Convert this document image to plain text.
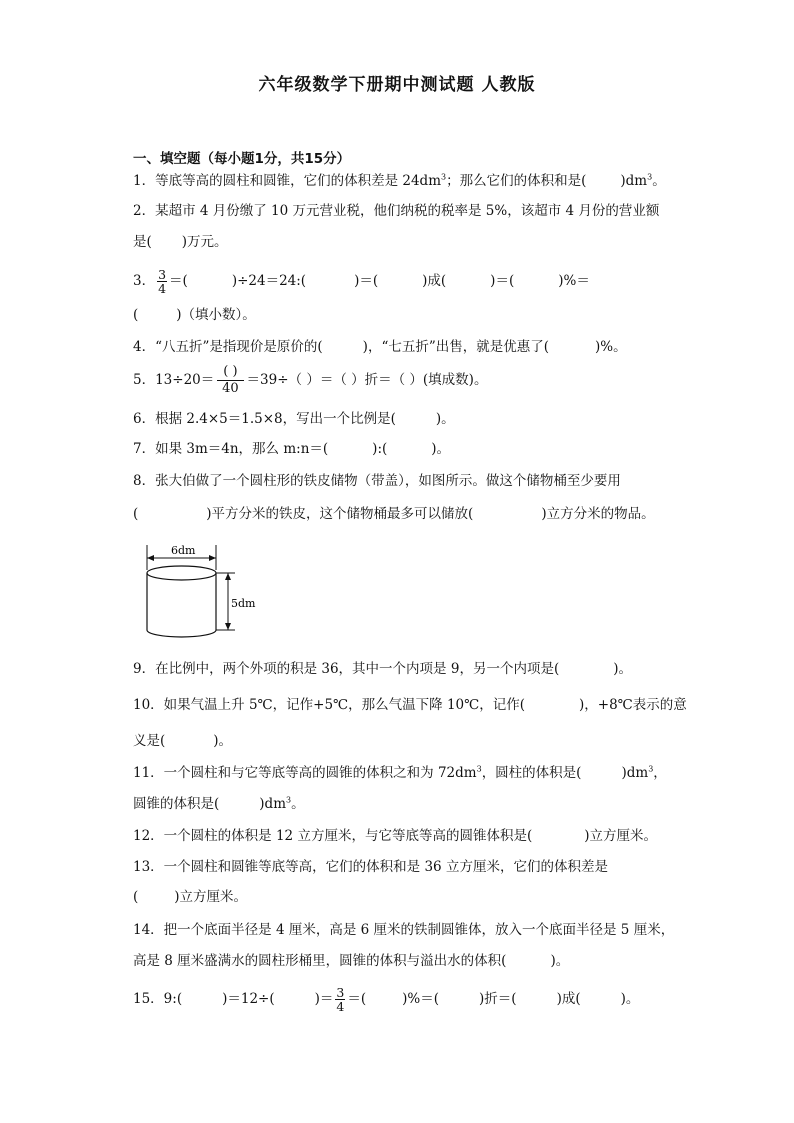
六年级数学下册期中测试题 人教版
一、填空题（每小题1分，共15分）
1．等底等高的圆柱和圆锥，它们的体积差是 $24dm^3$；那么它们的体积和是(	)$dm^3$。
2．某超市 4 月份缴了 10 万元营业税，他们纳税的税率是 5%，该超市 4 月份的营业额
是( )万元。
3． $\frac{3}{4}$ ＝(	)÷24＝24:(	)＝(	)成(	)＝(	)%＝
(	)（填小数）。
4．“八五折”是指现价是原价的(	)，“七五折”出售，就是优惠了(	)%。
5．13÷20＝
( )
40＝39÷（ ）＝（ ）折＝（ ）(填成数)。
6．根据 2.4×5＝1.5×8，写出一个比例是(	)。
7．如果 3m＝4n，那么 m:n＝(	):(	)。
8．张大伯做了一个圆柱形的铁皮储物（带盖），如图所示。做这个储物桶至少要用
(	)平方分米的铁皮，这个储物桶最多可以储放(	)立方分米的物品。
6dm
5dm
9．在比例中，两个外项的积是 36，其中一个内项是 9，另一个内项是(	)。
10．如果气温上升 5℃，记作+5℃，那么气温下降 10℃，记作(	)，+8℃表示的意
义是(	)。
11．一个圆柱和与它等底等高的圆锥的体积之和为 $72dm^3$，圆柱的体积是(	)$dm^3$，
圆锥的体积是(	)$dm^3$。
12．一个圆柱的体积是 12 立方厘米，与它等底等高的圆锥体积是(	)立方厘米。
13．一个圆柱和圆锥等底等高，它们的体积和是 36 立方厘米，它们的体积差是
(	)立方厘米。
14．把一个底面半径是 4 厘米，高是 6 厘米的铁制圆锥体，放入一个底面半径是 5 厘米，
高是 8 厘米盛满水的圆柱形桶里，圆锥的体积与溢出水的体积(	)。
15．9:(	)＝12÷(	)＝ $\frac{3}{4}$ ＝(	)%＝(	)折＝(	)成(	)。
